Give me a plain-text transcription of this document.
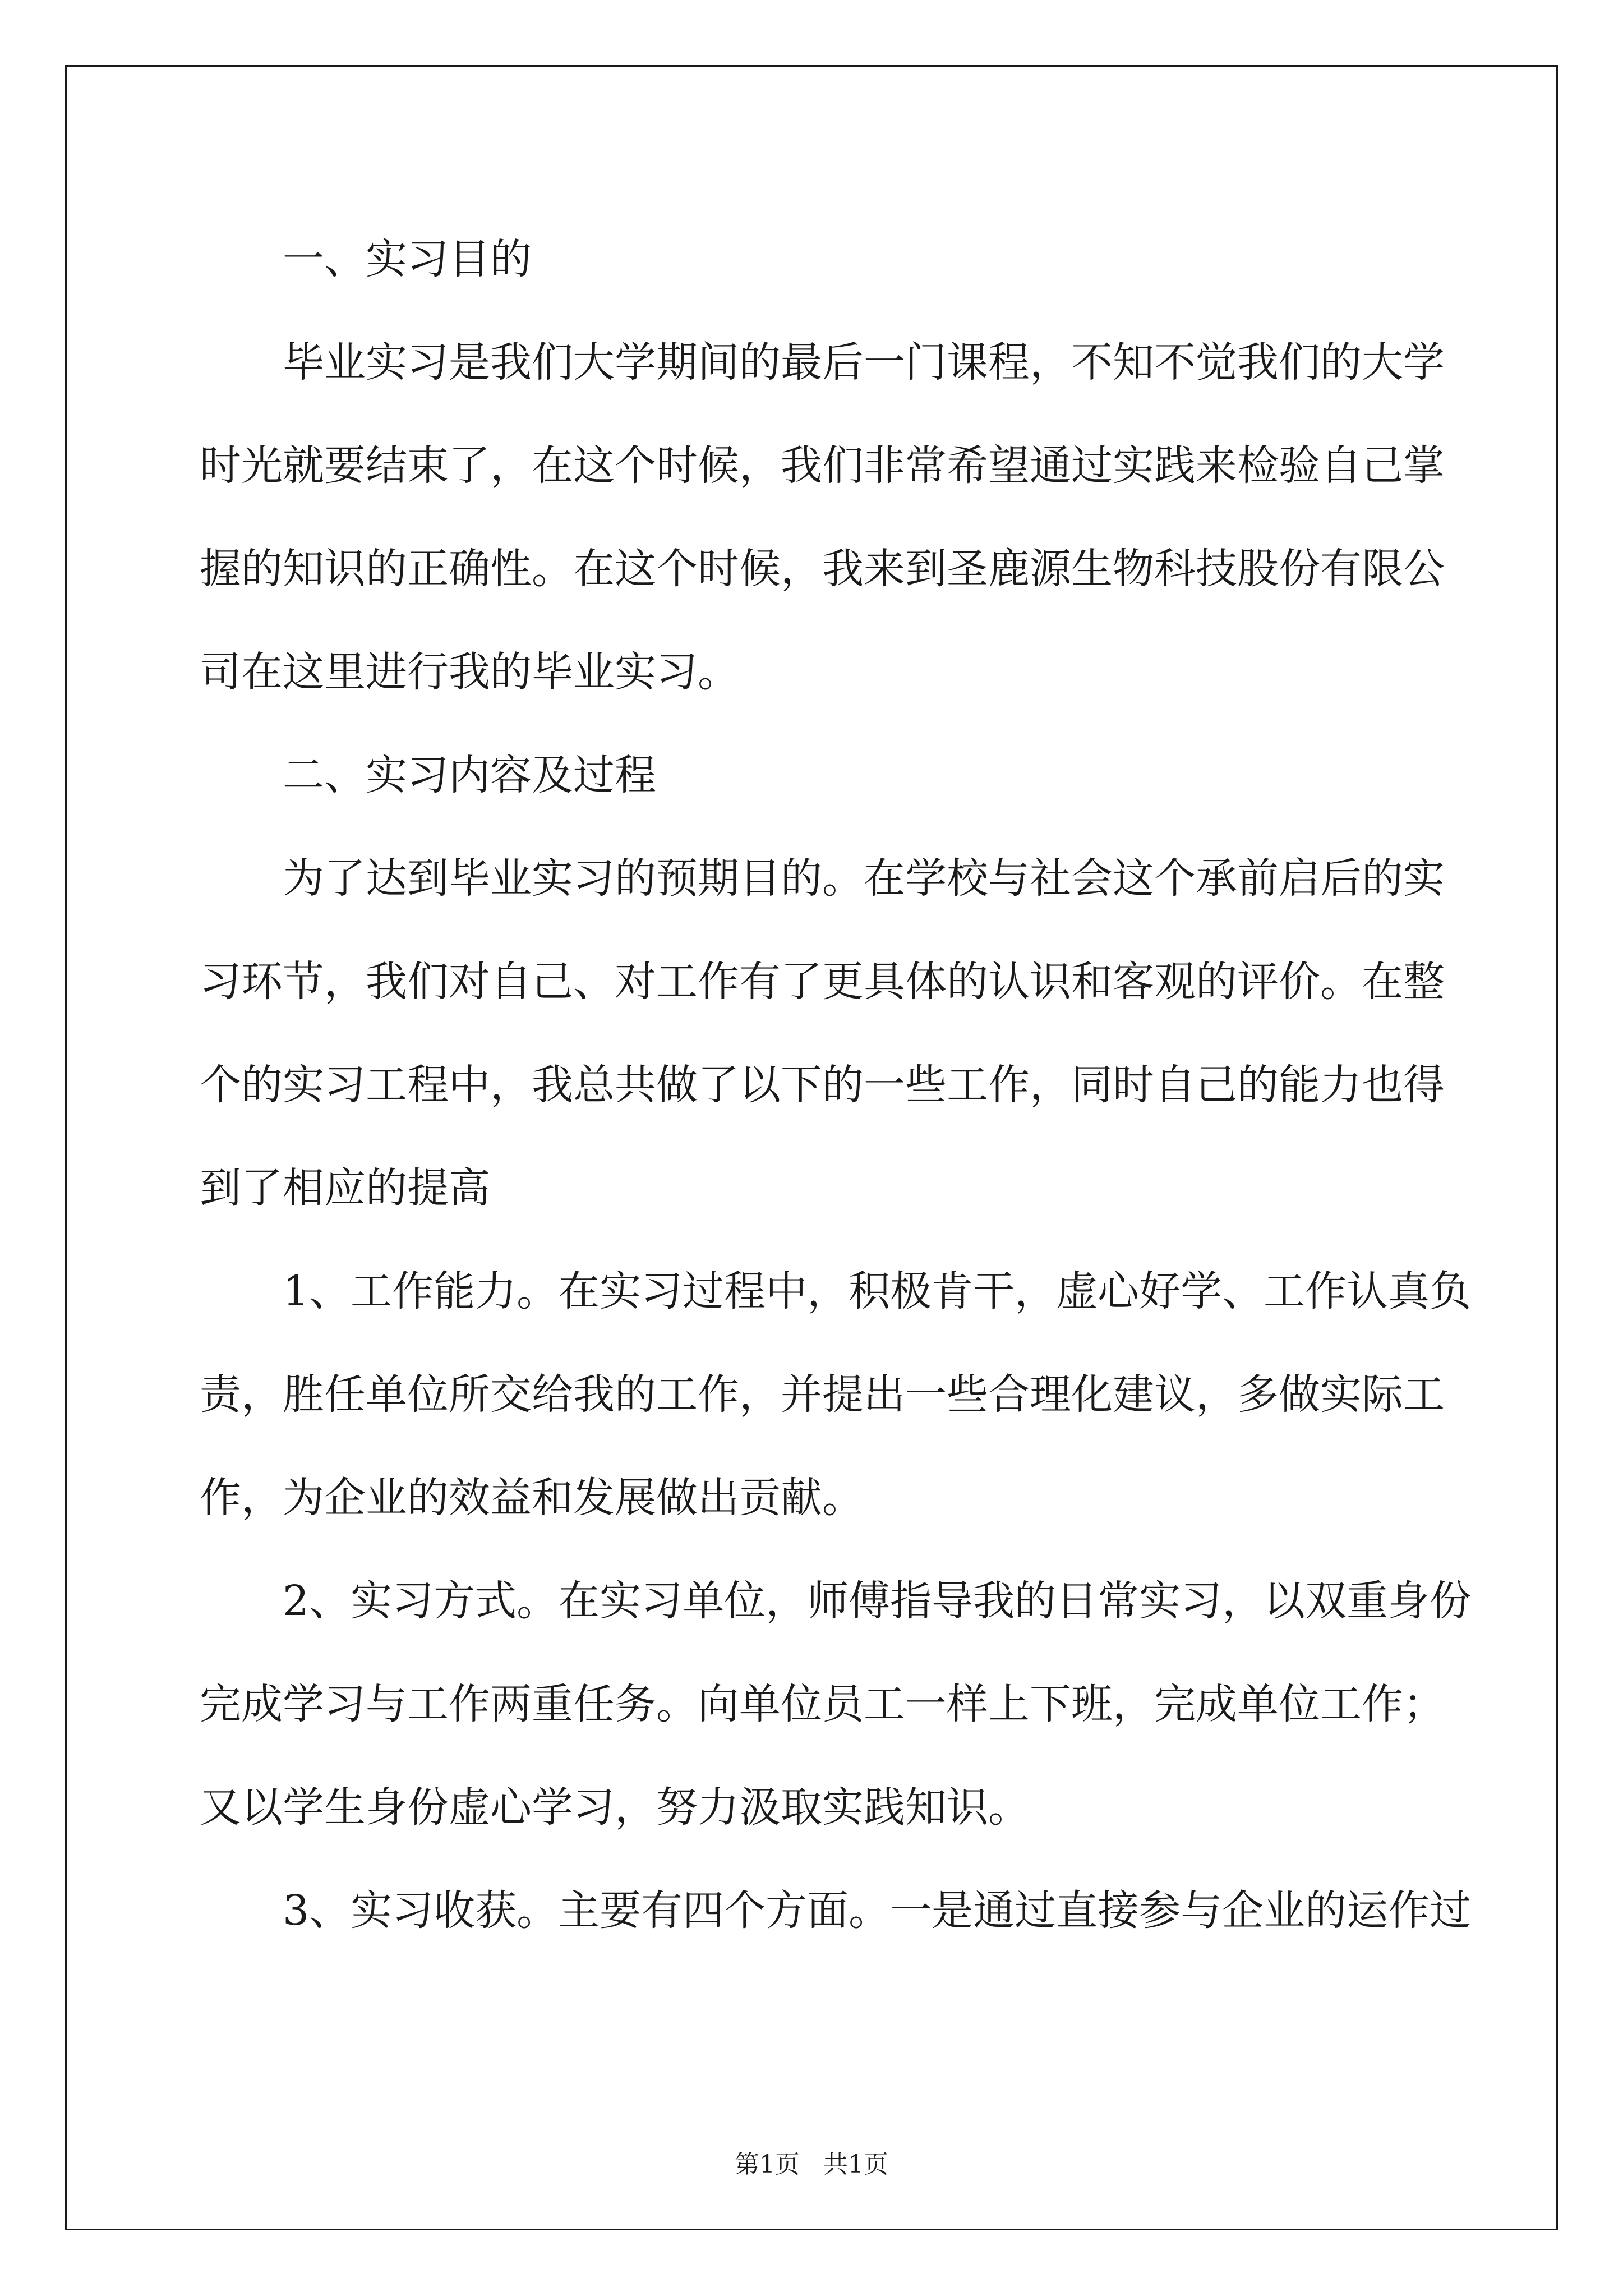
一、实习目的
毕业实习是我们大学期间的最后一门课程，不知不觉我们的大学
时光就要结束了，在这个时候，我们非常希望通过实践来检验自己掌
握的知识的正确性。在这个时候，我来到圣鹿源生物科技股份有限公
司在这里进行我的毕业实习。
二、实习内容及过程
为了达到毕业实习的预期目的。在学校与社会这个承前启后的实
习环节，我们对自己、对工作有了更具体的认识和客观的评价。在整
个的实习工程中，我总共做了以下的一些工作，同时自己的能力也得
到了相应的提高
1、工作能力。在实习过程中，积极肯干，虚心好学、工作认真负
责，胜任单位所交给我的工作，并提出一些合理化建议，多做实际工
作，为企业的效益和发展做出贡献。
2、实习方式。在实习单位，师傅指导我的日常实习，以双重身份
完成学习与工作两重任务。向单位员工一样上下班，完成单位工作；
又以学生身份虚心学习，努力汲取实践知识。
3、实习收获。主要有四个方面。一是通过直接参与企业的运作过
第1页 共1页
